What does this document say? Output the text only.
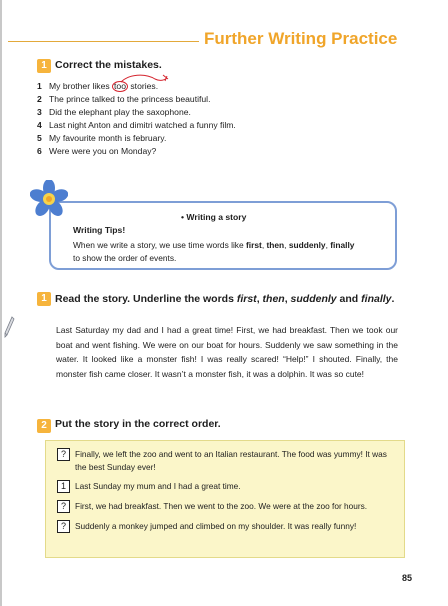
Further Writing Practice
1 Correct the mistakes.
1 My brother likes too stories.
2 The prince talked to the princess beautiful.
3 Did the elephant play the saxophone.
4 Last night Anton and dimitri watched a funny film.
5 My favourite month is february.
6 Were were you on Monday?
• Writing a story
Writing Tips!
When we write a story, we use time words like first, then, suddenly, finally
to show the order of events.
1 Read the story. Underline the words first, then, suddenly and finally.
Last Saturday my dad and I had a great time! First, we had breakfast. Then we took our boat and went fishing. We were on our boat for hours. Suddenly we saw something in the water. It looked like a monster fish! I was really scared! “Help!” I shouted. Finally, the monster fish came closer. It wasn’t a monster fish, it was a dolphin. It was so cute!
2 Put the story in the correct order.
?	Finally, we left the zoo and went to an Italian restaurant. The food was yummy! It was the best Sunday ever!
1	Last Sunday my mum and I had a great time.
?	First, we had breakfast. Then we went to the zoo. We were at the zoo for hours.
?	Suddenly a monkey jumped and climbed on my shoulder. It was really funny!
85
